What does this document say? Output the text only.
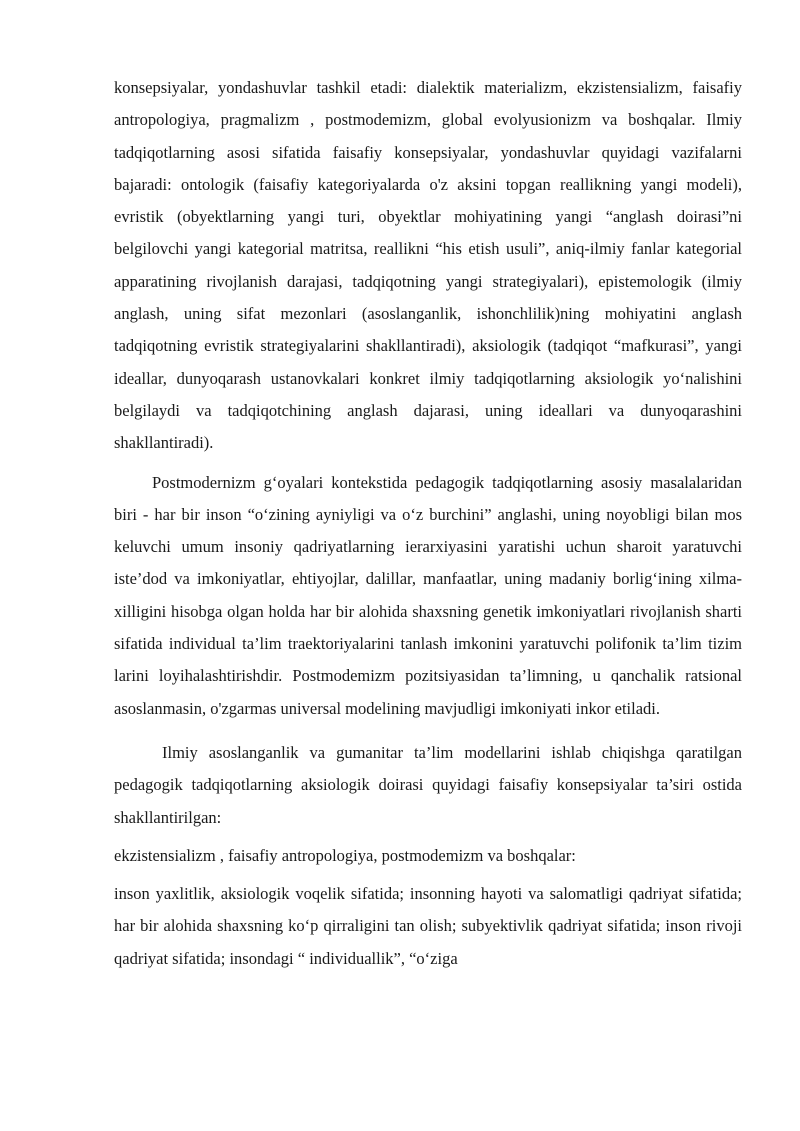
konsepsiyalar, yondashuvlar tashkil etadi: dialektik materializm, ekzistensializm, faisafiy antropologiya, pragmalizm , postmodemizm, global evolyusionizm va boshqalar. Ilmiy tadqiqotlarning asosi sifatida faisafiy konsepsiyalar, yondashuvlar quyidagi vazifalarni bajaradi: ontologik (faisafiy kategoriyalarda o'z aksini topgan reallikning yangi modeli), evristik (obyektlarning yangi turi, obyektlar mohiyatining yangi “anglash doirasi”ni belgilovchi yangi kategorial matritsa, reallikni “his etish usuli”, aniq-ilmiy fanlar kategorial apparatining rivojlanish darajasi, tadqiqotning yangi strategiyalari), epistemologik (ilmiy anglash, uning sifat mezonlari (asoslanganlik, ishonchlilik)ning mohiyatini anglash tadqiqotning evristik strategiyalarini shakllantiradi), aksiologik (tadqiqot “mafkurasi”, yangi ideallar, dunyoqarash ustanovkalari konkret ilmiy tadqiqotlarning aksiologik yo‘nalishini belgilaydi va tadqiqotchining anglash dajarasi, uning ideallari va dunyoqarashini shakllantiradi).

Postmodernizm g‘oyalari kontekstida pedagogik tadqiqotlarning asosiy masalalaridan biri - har bir inson “o‘zining ayniyligi va o‘z burchini” anglashi, uning noyobligi bilan mos keluvchi umum insoniy qadriyatlarning ierarxiyasini yaratishi uchun sharoit yaratuvchi iste’dod va imkoniyatlar, ehtiyojlar, dalillar, manfaatlar, uning madaniy borlig‘ining xilma-xilligini hisobga olgan holda har bir alohida shaxsning genetik imkoniyatlari rivojlanish sharti sifatida individual ta’lim traektoriyalarini tanlash imkonini yaratuvchi polifonik ta’lim tizim larini loyihalashtirishdir. Postmodemizm pozitsiyasidan ta’limning, u qanchalik ratsional asoslanmasin, o'zgarmas universal modelining mavjudligi imkoniyati inkor etiladi.

Ilmiy asoslanganlik va gumanitar ta’lim modellarini ishlab chiqishga qaratilgan pedagogik tadqiqotlarning aksiologik doirasi quyidagi faisafiy konsepsiyalar ta’siri ostida shakllantirilgan:

ekzistensializm , faisafiy antropologiya, postmodemizm va boshqalar:

inson yaxlitlik, aksiologik voqelik sifatida; insonning hayoti va salomatligi qadriyat sifatida; har bir alohida shaxsning ko‘p qirraligini tan olish; subyektivlik qadriyat sifatida; inson rivoji qadriyat sifatida; insondagi “ individuallik”, “o‘ziga
